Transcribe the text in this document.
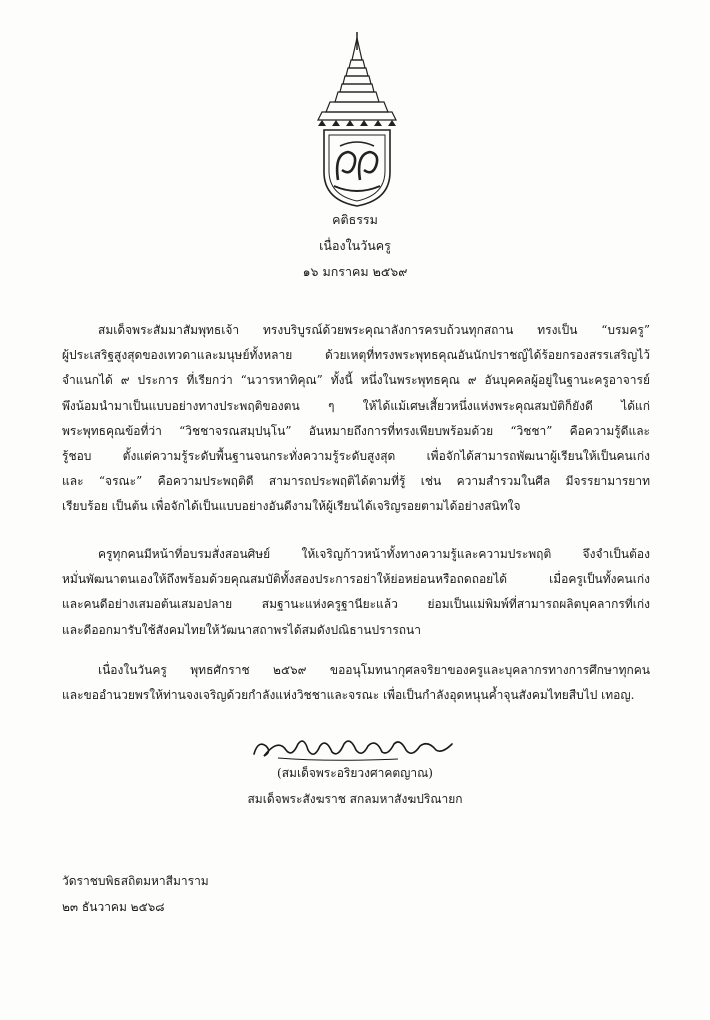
คติธรรม
เนื่องในวันครู
๑๖ มกราคม ๒๕๖๙
สมเด็จพระสัมมาสัมพุทธเจ้า ทรงบริบูรณ์ด้วยพระคุณาลังการครบถ้วนทุกสถาน ทรงเป็น “บรมครู”
ผู้ประเสริฐสูงสุดของเทวดาและมนุษย์ทั้งหลาย ด้วยเหตุที่ทรงพระพุทธคุณอันนักปราชญ์ได้ร้อยกรองสรรเสริญไว้
จำแนกได้ ๙ ประการ ที่เรียกว่า “นวารหาทิคุณ” ทั้งนี้ หนึ่งในพระพุทธคุณ ๙ อันบุคคลผู้อยู่ในฐานะครูอาจารย์
พึงน้อมนำมาเป็นแบบอย่างทางประพฤติของตน ๆ ให้ได้แม้เศษเสี้ยวหนึ่งแห่งพระคุณสมบัติก็ยังดี ได้แก่
พระพุทธคุณข้อที่ว่า “วิชชาจรณสมฺปนฺโน” อันหมายถึงการที่ทรงเพียบพร้อมด้วย “วิชชา” คือความรู้ดีและ
รู้ชอบ ตั้งแต่ความรู้ระดับพื้นฐานจนกระทั่งความรู้ระดับสูงสุด เพื่อจักได้สามารถพัฒนาผู้เรียนให้เป็นคนเก่ง
และ “จรณะ” คือความประพฤติดี สามารถประพฤติได้ตามที่รู้ เช่น ความสำรวมในศีล มีจรรยามารยาท
เรียบร้อย เป็นต้น เพื่อจักได้เป็นแบบอย่างอันดีงามให้ผู้เรียนได้เจริญรอยตามได้อย่างสนิทใจ
ครูทุกคนมีหน้าที่อบรมสั่งสอนศิษย์ ให้เจริญก้าวหน้าทั้งทางความรู้และความประพฤติ จึงจำเป็นต้อง
หมั่นพัฒนาตนเองให้ถึงพร้อมด้วยคุณสมบัติทั้งสองประการอย่าให้ย่อหย่อนหรือถดถอยได้ เมื่อครูเป็นทั้งคนเก่ง
และคนดีอย่างเสมอต้นเสมอปลาย สมฐานะแห่งครูฐานียะแล้ว ย่อมเป็นแม่พิมพ์ที่สามารถผลิตบุคลากรที่เก่ง
และดีออกมารับใช้สังคมไทยให้วัฒนาสถาพรได้สมดังปณิธานปรารถนา
เนื่องในวันครู พุทธศักราช ๒๕๖๙ ขออนุโมทนากุศลจริยาของครูและบุคลากรทางการศึกษาทุกคน
และขออำนวยพรให้ท่านจงเจริญด้วยกำลังแห่งวิชชาและจรณะ เพื่อเป็นกำลังอุดหนุนค้ำจุนสังคมไทยสืบไป เทอญ.
(สมเด็จพระอริยวงศาคตญาณ)
สมเด็จพระสังฆราช สกลมหาสังฆปริณายก
วัดราชบพิธสถิตมหาสีมาราม
๒๓ ธันวาคม ๒๕๖๘
